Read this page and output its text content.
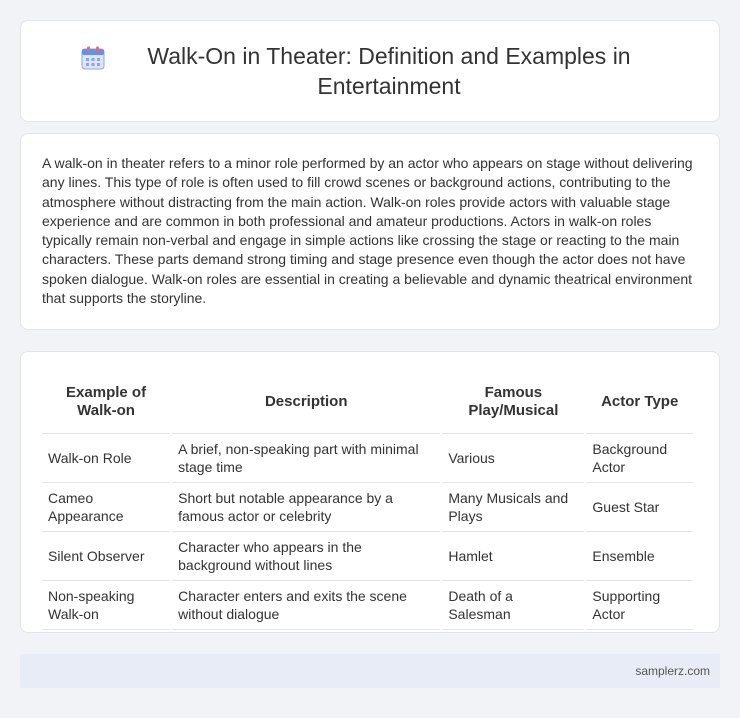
Walk-On in Theater: Definition and Examples in Entertainment

A walk-on in theater refers to a minor role performed by an actor who appears on stage without delivering any lines. This type of role is often used to fill crowd scenes or background actions, contributing to the atmosphere without distracting from the main action. Walk-on roles provide actors with valuable stage experience and are common in both professional and amateur productions. Actors in walk-on roles typically remain non-verbal and engage in simple actions like crossing the stage or reacting to the main characters. These parts demand strong timing and stage presence even though the actor does not have spoken dialogue. Walk-on roles are essential in creating a believable and dynamic theatrical environment that supports the storyline.

Example of Walk-on	Description	Famous Play/Musical	Actor Type
Walk-on Role	A brief, non-speaking part with minimal stage time	Various	Background Actor
Cameo Appearance	Short but notable appearance by a famous actor or celebrity	Many Musicals and Plays	Guest Star
Silent Observer	Character who appears in the background without lines	Hamlet	Ensemble
Non-speaking Walk-on	Character enters and exits the scene without dialogue	Death of a Salesman	Supporting Actor
samplerz.com
